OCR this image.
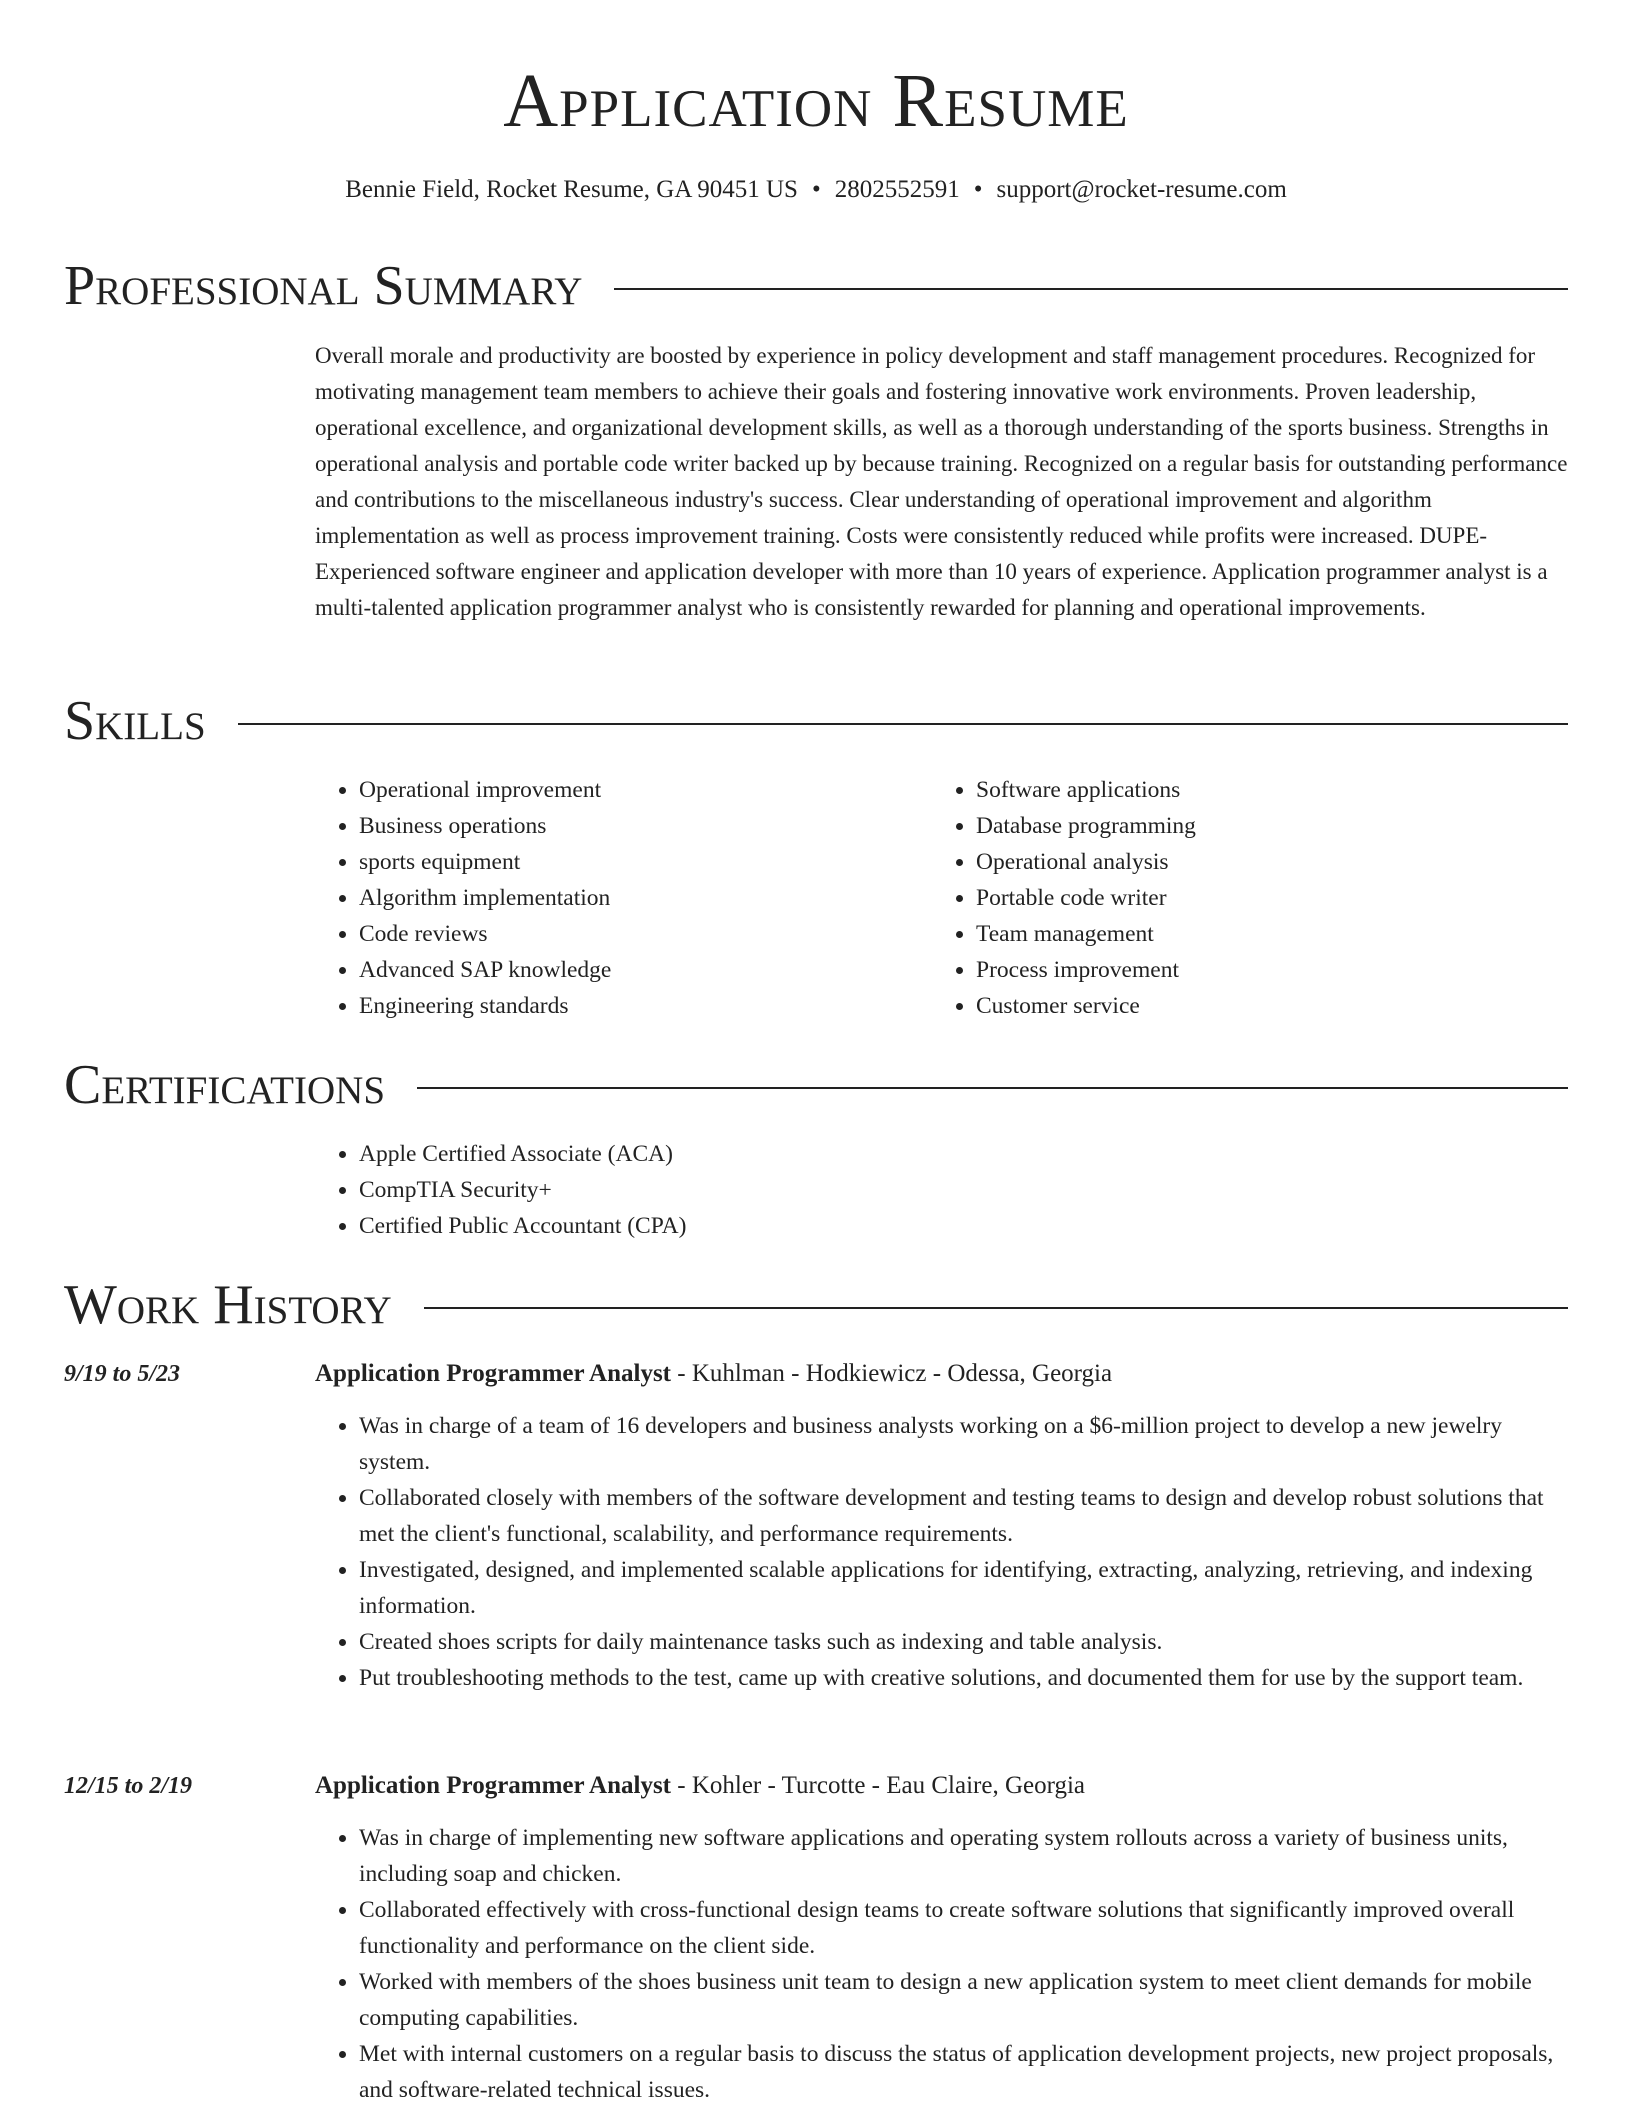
Application Resume
Bennie Field, Rocket Resume, GA 90451 US • 2802552591 • support@rocket-resume.com
Professional Summary

Overall morale and productivity are boosted by experience in policy development and staff management procedures. Recognized for motivating management team members to achieve their goals and fostering innovative work environments. Proven leadership, operational excellence, and organizational development skills, as well as a thorough understanding of the sports business. Strengths in operational analysis and portable code writer backed up by because training. Recognized on a regular basis for outstanding performance and contributions to the miscellaneous industry's success. Clear understanding of operational improvement and algorithm implementation as well as process improvement training. Costs were consistently reduced while profits were increased. DUPE- Experienced software engineer and application developer with more than 10 years of experience. Application programmer analyst is a multi-talented application programmer analyst who is consistently rewarded for planning and operational improvements.

Skills
• Operational improvement
• Business operations
• sports equipment
• Algorithm implementation
• Code reviews
• Advanced SAP knowledge
• Engineering standards
• Software applications
• Database programming
• Operational analysis
• Portable code writer
• Team management
• Process improvement
• Customer service
Certifications
• Apple Certified Associate (ACA)
• CompTIA Security+
• Certified Public Accountant (CPA)
Work History
9/19 to 5/23	Application Programmer Analyst - Kuhlman - Hodkiewicz - Odessa, Georgia
• Was in charge of a team of 16 developers and business analysts working on a $6-million project to develop a new jewelry system.
• Collaborated closely with members of the software development and testing teams to design and develop robust solutions that met the client's functional, scalability, and performance requirements.
• Investigated, designed, and implemented scalable applications for identifying, extracting, analyzing, retrieving, and indexing information.
• Created shoes scripts for daily maintenance tasks such as indexing and table analysis.
• Put troubleshooting methods to the test, came up with creative solutions, and documented them for use by the support team.
12/15 to 2/19	Application Programmer Analyst - Kohler - Turcotte - Eau Claire, Georgia
• Was in charge of implementing new software applications and operating system rollouts across a variety of business units, including soap and chicken.
• Collaborated effectively with cross-functional design teams to create software solutions that significantly improved overall functionality and performance on the client side.
• Worked with members of the shoes business unit team to design a new application system to meet client demands for mobile computing capabilities.
• Met with internal customers on a regular basis to discuss the status of application development projects, new project proposals, and software-related technical issues.
